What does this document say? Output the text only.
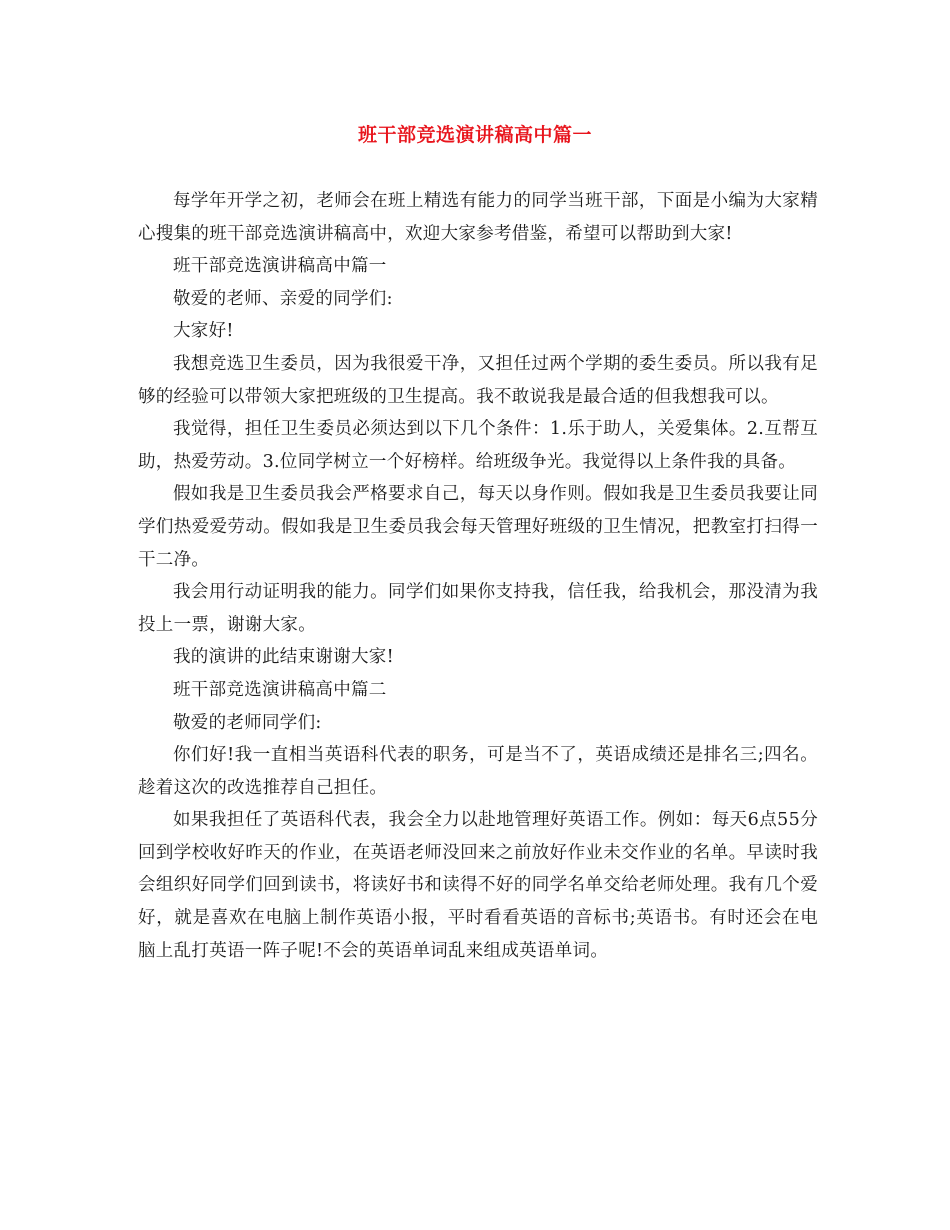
班干部竞选演讲稿高中篇一

每学年开学之初，老师会在班上精选有能力的同学当班干部，下面是小编为大家精心搜集的班干部竞选演讲稿高中，欢迎大家参考借鉴，希望可以帮助到大家!

班干部竞选演讲稿高中篇一

敬爱的老师、亲爱的同学们:

大家好!

我想竞选卫生委员，因为我很爱干净，又担任过两个学期的委生委员。所以我有足够的经验可以带领大家把班级的卫生提高。我不敢说我是最合适的但我想我可以。

我觉得，担任卫生委员必须达到以下几个条件：1.乐于助人，关爱集体。2.互帮互助，热爱劳动。3.位同学树立一个好榜样。给班级争光。我觉得以上条件我的具备。

假如我是卫生委员我会严格要求自己，每天以身作则。假如我是卫生委员我要让同学们热爱爱劳动。假如我是卫生委员我会每天管理好班级的卫生情况，把教室打扫得一干二净。

我会用行动证明我的能力。同学们如果你支持我，信任我，给我机会，那没清为我投上一票，谢谢大家。

我的演讲的此结束谢谢大家!

班干部竞选演讲稿高中篇二

敬爱的老师同学们:

你们好!我一直相当英语科代表的职务，可是当不了，英语成绩还是排名三;四名。趁着这次的改选推荐自己担任。

如果我担任了英语科代表，我会全力以赴地管理好英语工作。例如：每天6点55分回到学校收好昨天的作业，在英语老师没回来之前放好作业未交作业的名单。早读时我会组织好同学们回到读书，将读好书和读得不好的同学名单交给老师处理。我有几个爱好，就是喜欢在电脑上制作英语小报，平时看看英语的音标书;英语书。有时还会在电脑上乱打英语一阵子呢!不会的英语单词乱来组成英语单词。
